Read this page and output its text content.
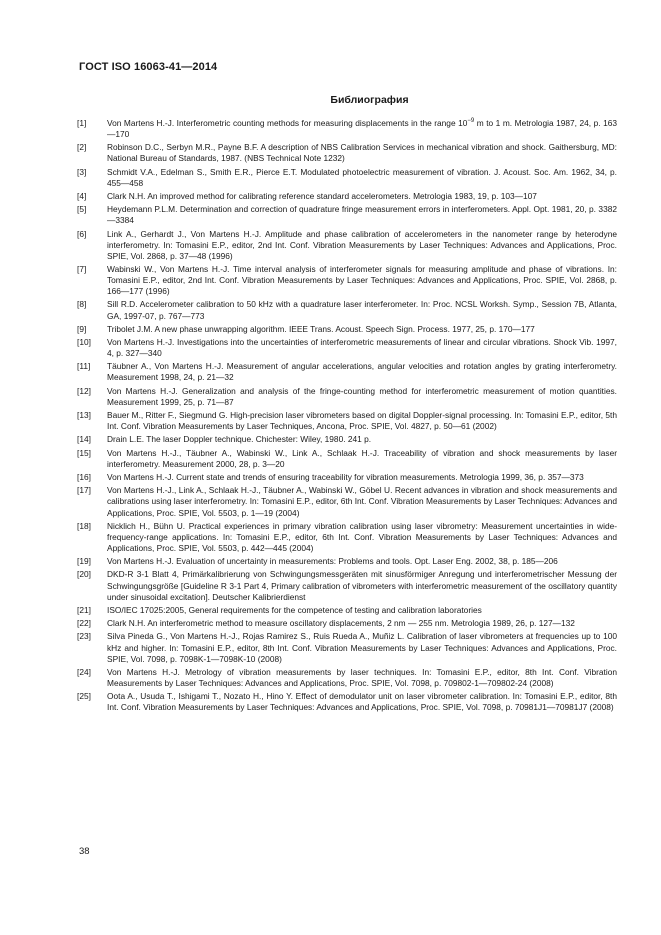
ГОСТ ISO 16063-41—2014
Библиография
[1]	Von Martens H.-J. Interferometric counting methods for measuring displacements in the range $10^{-9}$ m to 1 m. Metrologia 1987, 24, p. 163—170
[2]	Robinson D.C., Serbyn M.R., Payne B.F. A description of NBS Calibration Services in mechanical vibration and shock. Gaithersburg, MD: National Bureau of Standards, 1987. (NBS Technical Note 1232)
[3]	Schmidt V.A., Edelman S., Smith E.R., Pierce E.T. Modulated photoelectric measurement of vibration. J. Acoust. Soc. Am. 1962, 34, p. 455—458
[4]	Clark N.H. An improved method for calibrating reference standard accelerometers. Metrologia 1983, 19, p. 103—107
[5]	Heydemann P.L.M. Determination and correction of quadrature fringe measurement errors in interferometers. Appl. Opt. 1981, 20, p. 3382—3384
[6]	Link A., Gerhardt J., Von Martens H.-J. Amplitude and phase calibration of accelerometers in the nanometer range by heterodyne interferometry. In: Tomasini E.P., editor, 2nd Int. Conf. Vibration Measurements by Laser Techniques: Advances and Applications, Proc. SPIE, Vol. 2868, p. 37—48 (1996)
[7]	Wabinski W., Von Martens H.-J. Time interval analysis of interferometer signals for measuring amplitude and phase of vibrations. In: Tomasini E.P., editor, 2nd Int. Conf. Vibration Measurements by Laser Techniques: Advances and Applications, Proc. SPIE, Vol. 2868, p. 166—177 (1996)
[8]	Sill R.D. Accelerometer calibration to 50 kHz with a quadrature laser interferometer. In: Proc. NCSL Worksh. Symp., Session 7B, Atlanta, GA, 1997-07, p. 767—773
[9]	Tribolet J.M. A new phase unwrapping algorithm. IEEE Trans. Acoust. Speech Sign. Process. 1977, 25, p. 170—177
[10]	Von Martens H.-J. Investigations into the uncertainties of interferometric measurements of linear and circular vibrations. Shock Vib. 1997, 4, p. 327—340
[11]	Täubner A., Von Martens H.-J. Measurement of angular accelerations, angular velocities and rotation angles by grating interferometry. Measurement 1998, 24, p. 21—32
[12]	Von Martens H.-J. Generalization and analysis of the fringe-counting method for interferometric measurement of motion quantities. Measurement 1999, 25, p. 71—87
[13]	Bauer M., Ritter F., Siegmund G. High-precision laser vibrometers based on digital Doppler-signal processing. In: Tomasini E.P., editor, 5th Int. Conf. Vibration Measurements by Laser Techniques, Ancona, Proc. SPIE, Vol. 4827, p. 50—61 (2002)
[14]	Drain L.E. The laser Doppler technique. Chichester: Wiley, 1980. 241 p.
[15]	Von Martens H.-J., Täubner A., Wabinski W., Link A., Schlaak H.-J. Traceability of vibration and shock measurements by laser interferometry. Measurement 2000, 28, p. 3—20
[16]	Von Martens H.-J. Current state and trends of ensuring traceability for vibration measurements. Metrologia 1999, 36, p. 357—373
[17]	Von Martens H.-J., Link A., Schlaak H.-J., Täubner A., Wabinski W., Göbel U. Recent advances in vibration and shock measurements and calibrations using laser interferometry. In: Tomasini E.P., editor, 6th Int. Conf. Vibration Measurements by Laser Techniques: Advances and Applications, Proc. SPIE, Vol. 5503, p. 1—19 (2004)
[18]	Nicklich H., Bühn U. Practical experiences in primary vibration calibration using laser vibrometry: Measurement uncertainties in wide-frequency-range applications. In: Tomasini E.P., editor, 6th Int. Conf. Vibration Measurements by Laser Techniques: Advances and Applications, Proc. SPIE, Vol. 5503, p. 442—445 (2004)
[19]	Von Martens H.-J. Evaluation of uncertainty in measurements: Problems and tools. Opt. Laser Eng. 2002, 38, p. 185—206
[20]	DKD-R 3-1 Blatt 4, Primärkalibrierung von Schwingungsmessgeräten mit sinusförmiger Anregung und interferometrischer Messung der Schwingungsgröße [Guideline R 3-1 Part 4, Primary calibration of vibrometers with interferometric measurement of the oscillatory quantity under sinusoidal excitation]. Deutscher Kalibrierdienst
[21]	ISO/IEC 17025:2005, General requirements for the competence of testing and calibration laboratories
[22]	Clark N.H. An interferometric method to measure oscillatory displacements, 2 nm — 255 nm. Metrologia 1989, 26, p. 127—132
[23]	Silva Pineda G., Von Martens H.-J., Rojas Ramirez S., Ruis Rueda A., Muñiz L. Calibration of laser vibrometers at frequencies up to 100 kHz and higher. In: Tomasini E.P., editor, 8th Int. Conf. Vibration Measurements by Laser Techniques: Advances and Applications, Proc. SPIE, Vol. 7098, p. 7098K-1—7098K-10 (2008)
[24]	Von Martens H.-J. Metrology of vibration measurements by laser techniques. In: Tomasini E.P., editor, 8th Int. Conf. Vibration Measurements by Laser Techniques: Advances and Applications, Proc. SPIE, Vol. 7098, p. 709802-1—709802-24 (2008)
[25]	Oota A., Usuda T., Ishigami T., Nozato H., Hino Y. Effect of demodulator unit on laser vibrometer calibration. In: Tomasini E.P., editor, 8th Int. Conf. Vibration Measurements by Laser Techniques: Advances and Applications, Proc. SPIE, Vol. 7098, p. 70981J1—70981J7 (2008)
38
